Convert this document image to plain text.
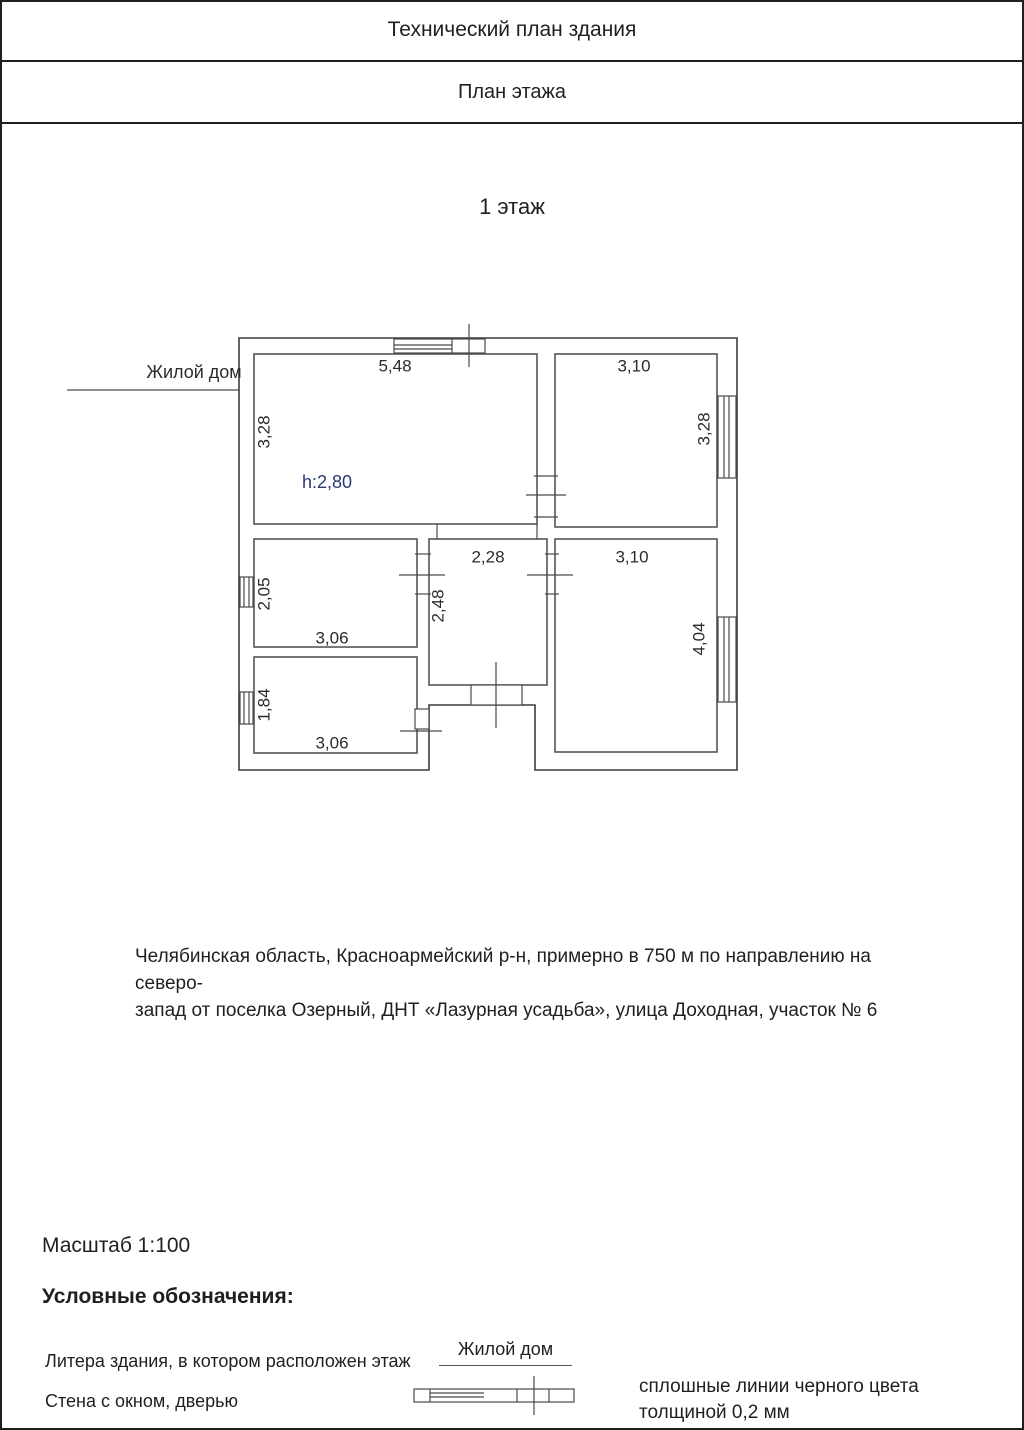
Технический план здания
План этажа
1 этаж
Жилой дом	5,48
3,28
3,10
3,28
h:2,80
2,28
2,48
3,10
4,04
2,05
3,06
1,84
3,06
Челябинская область, Красноармейский р-н, примерно в 750 м по направлению на северо-
запад от поселка Озерный, ДНТ «Лазурная усадьба», улица Доходная, участок № 6
Масштаб 1:100
Условные обозначения:
Литера здания, в котором расположен этаж
Жилой дом
Стена с окном, дверью
сплошные линии черного цвета
толщиной 0,2 мм
